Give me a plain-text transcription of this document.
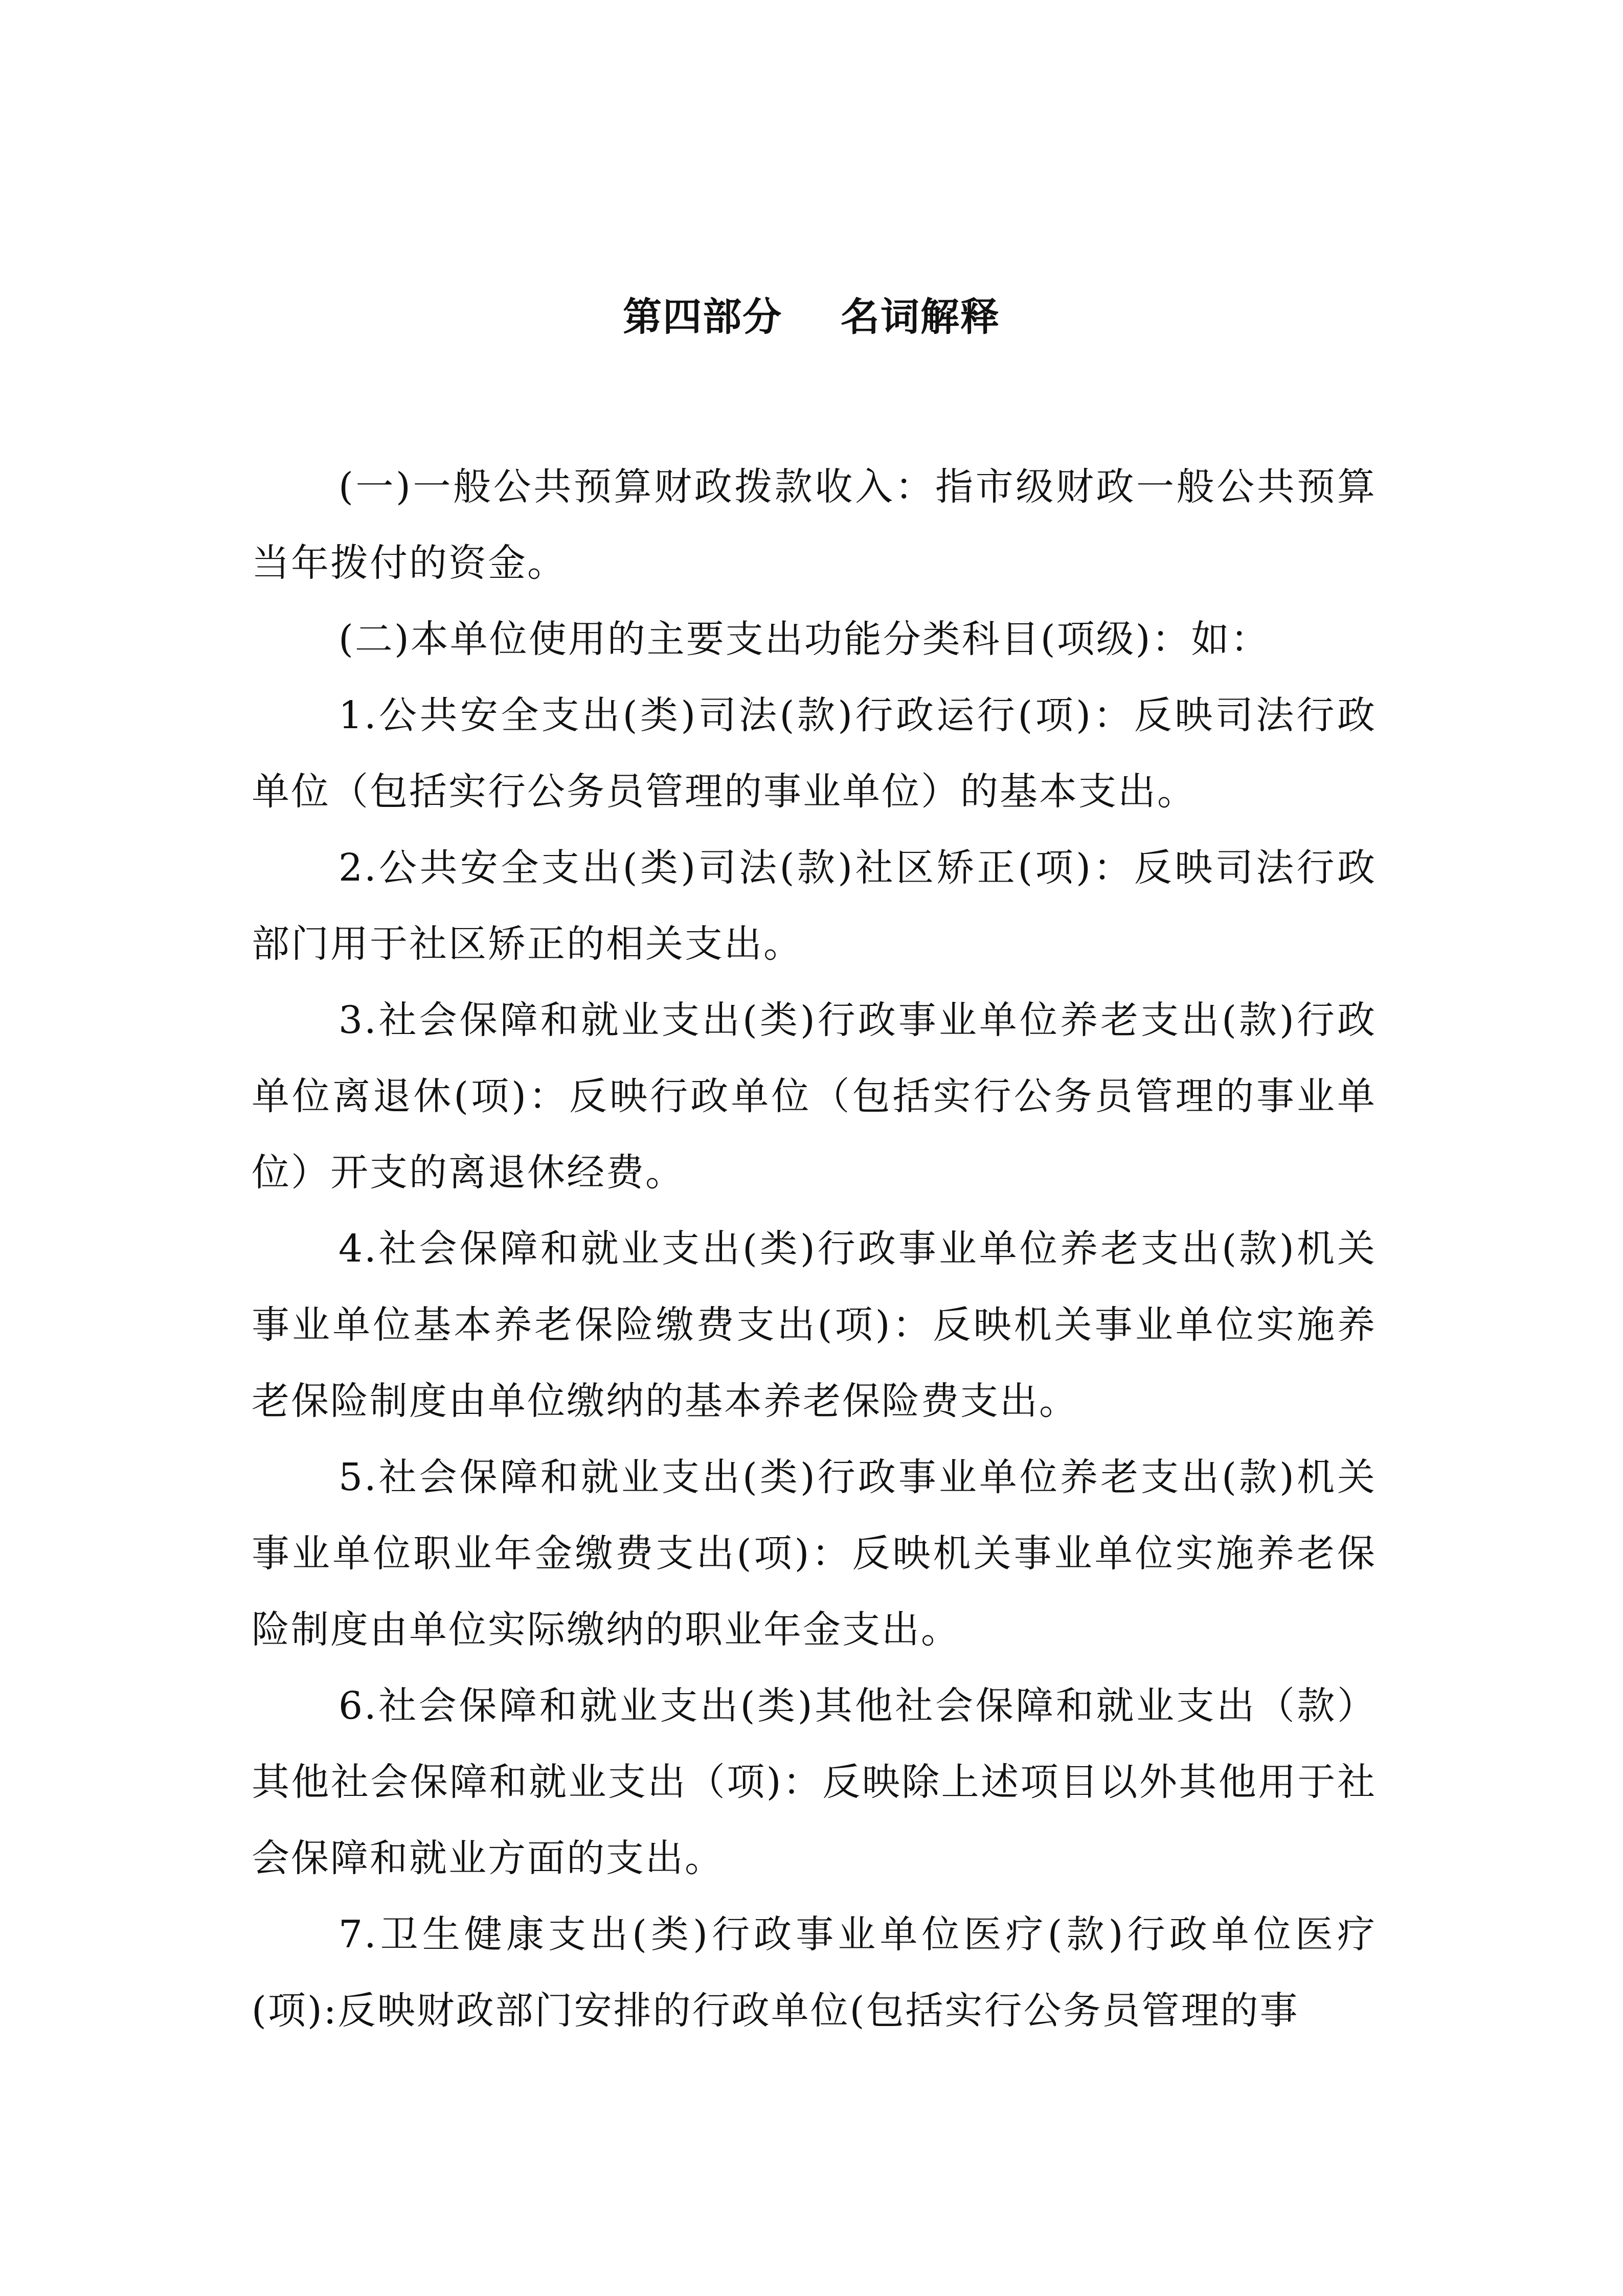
第四部分    名词解释

(一)一般公共预算财政拨款收入：指市级财政一般公共预算当年拨付的资金。

(二)本单位使用的主要支出功能分类科目(项级)：如：

1.公共安全支出(类)司法(款)行政运行(项)：反映司法行政单位（包括实行公务员管理的事业单位）的基本支出。

2.公共安全支出(类)司法(款)社区矫正(项)：反映司法行政部门用于社区矫正的相关支出。

3.社会保障和就业支出(类)行政事业单位养老支出(款)行政单位离退休(项)：反映行政单位（包括实行公务员管理的事业单位）开支的离退休经费。

4.社会保障和就业支出(类)行政事业单位养老支出(款)机关事业单位基本养老保险缴费支出(项)：反映机关事业单位实施养老保险制度由单位缴纳的基本养老保险费支出。

5.社会保障和就业支出(类)行政事业单位养老支出(款)机关事业单位职业年金缴费支出(项)：反映机关事业单位实施养老保险制度由单位实际缴纳的职业年金支出。

6.社会保障和就业支出(类)其他社会保障和就业支出（款）其他社会保障和就业支出（项)：反映除上述项目以外其他用于社会保障和就业方面的支出。

7.卫生健康支出(类)行政事业单位医疗(款)行政单位医疗(项):反映财政部门安排的行政单位(包括实行公务员管理的事
